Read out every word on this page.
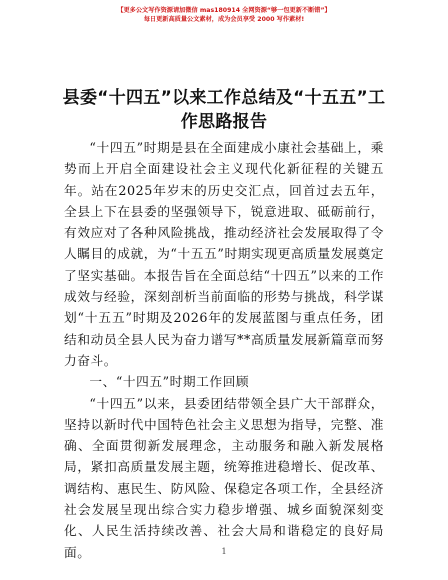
【更多公文写作资源请加微信 mas180914 全网资源“够一包更新不断错”】
每日更新高质量公文素材，成为会员享受 2000 写作素材!
县委“十四五”以来工作总结及“十五五”工
作思路报告

“十四五”时期是县在全面建成小康社会基础上，乘势而上开启全面建设社会主义现代化新征程的关键五年。站在2025年岁末的历史交汇点，回首过去五年，全县上下在县委的坚强领导下，锐意进取、砥砺前行，有效应对了各种风险挑战，推动经济社会发展取得了令人瞩目的成就，为“十五五”时期实现更高质量发展奠定了坚实基础。本报告旨在全面总结“十四五”以来的工作成效与经验，深刻剖析当前面临的形势与挑战，科学谋划“十五五”时期及2026年的发展蓝图与重点任务，团结和动员全县人民为奋力谱写**高质量发展新篇章而努力奋斗。

一、“十四五”时期工作回顾

“十四五”以来，县委团结带领全县广大干部群众，坚持以新时代中国特色社会主义思想为指导，完整、准确、全面贯彻新发展理念，主动服务和融入新发展格局，紧扣高质量发展主题，统筹推进稳增长、促改革、调结构、惠民生、防风险、保稳定各项工作，全县经济社会发展呈现出综合实力稳步增强、城乡面貌深刻变化、人民生活持续改善、社会大局和谐稳定的良好局面。	1
